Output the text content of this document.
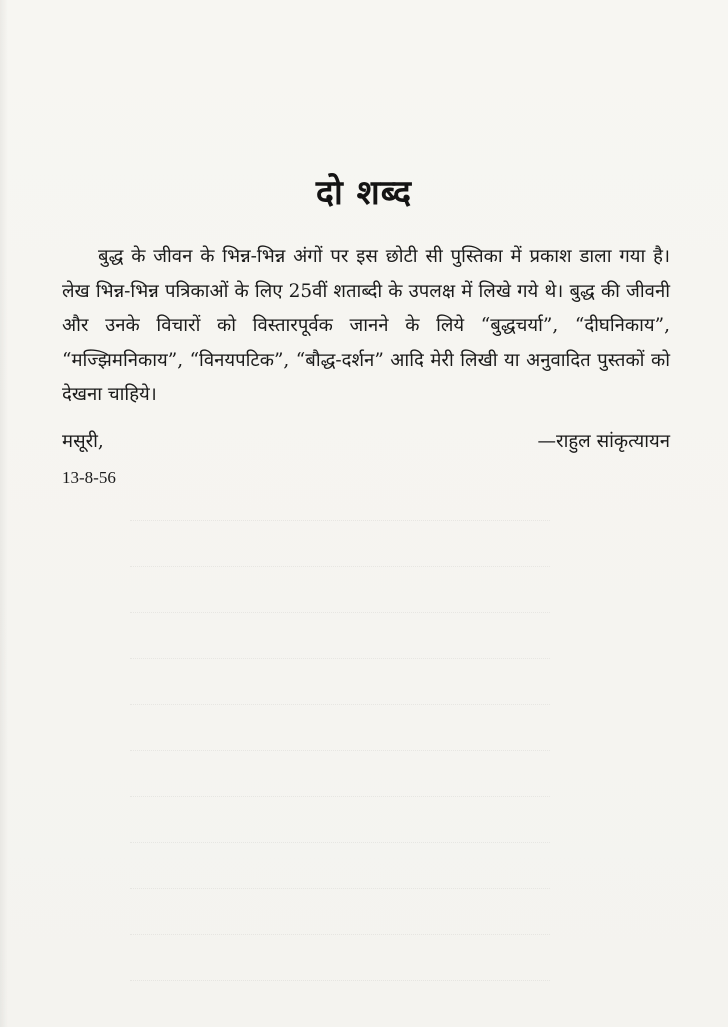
दो शब्द

बुद्ध के जीवन के भिन्न-भिन्न अंगों पर इस छोटी सी पुस्तिका में प्रकाश डाला गया है। लेख भिन्न-भिन्न पत्रिकाओं के लिए 25वीं शताब्दी के उपलक्ष में लिखे गये थे। बुद्ध की जीवनी और उनके विचारों को विस्तारपूर्वक जानने के लिये “बुद्धचर्या”, “दीघनिकाय”, “मज्झिमनिकाय”, “विनयपटिक”, “बौद्ध-दर्शन” आदि मेरी लिखी या अनुवादित पुस्तकों को देखना चाहिये।

मसूरी,	—राहुल सांकृत्यायन
13-8-56
